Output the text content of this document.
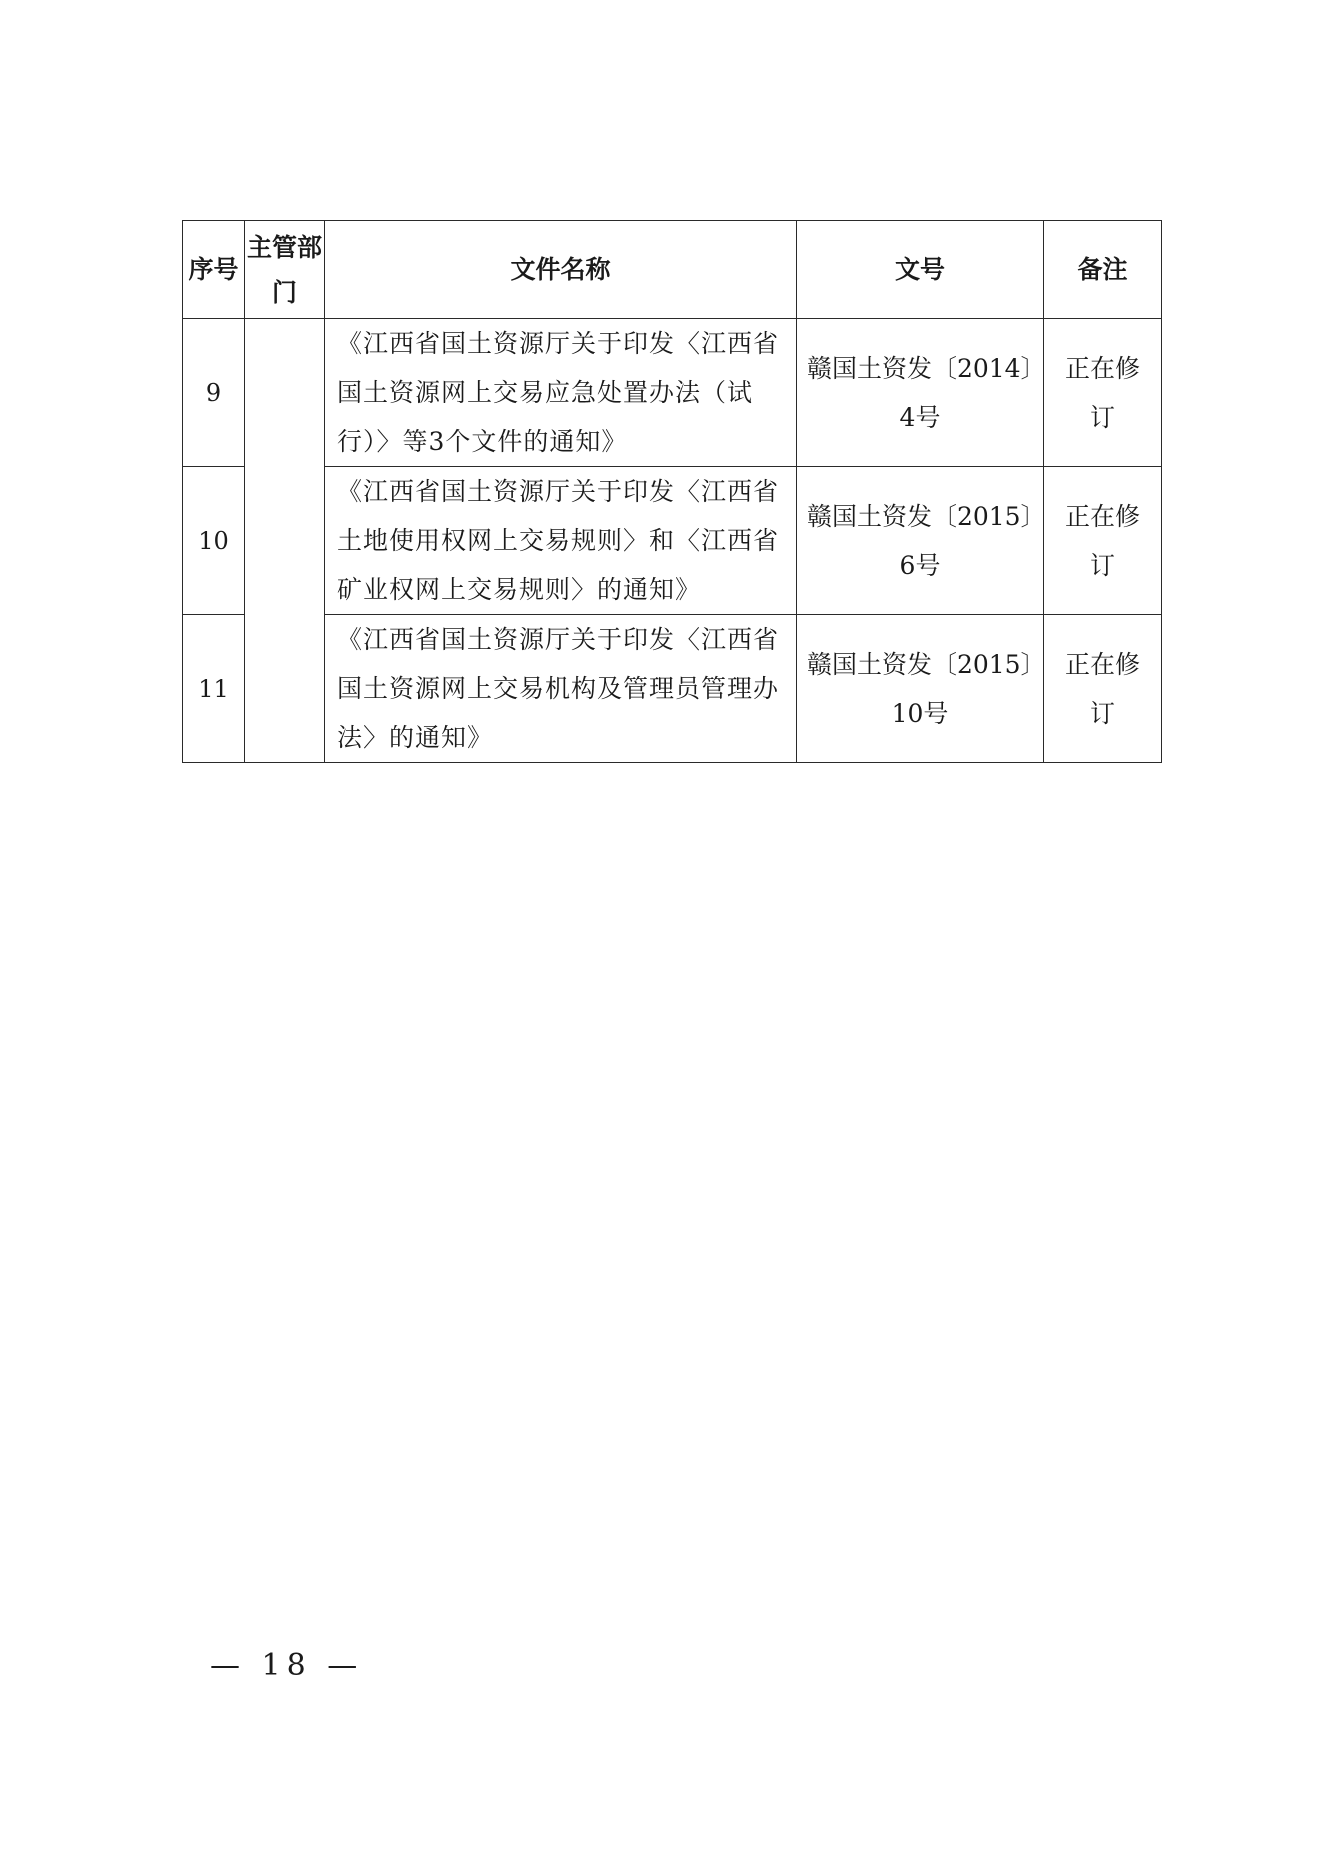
序号	主管部门	文件名称	文号	备注
9		《江西省国土资源厅关于印发〈江西省国土资源网上交易应急处置办法（试行）〉等3个文件的通知》	赣国土资发〔2014〕4号	正在修订
10		《江西省国土资源厅关于印发〈江西省土地使用权网上交易规则〉和〈江西省矿业权网上交易规则〉的通知》	赣国土资发〔2015〕6号	正在修订
11		《江西省国土资源厅关于印发〈江西省国土资源网上交易机构及管理员管理办法〉的通知》	赣国土资发〔2015〕10号	正在修订
— 18 —
